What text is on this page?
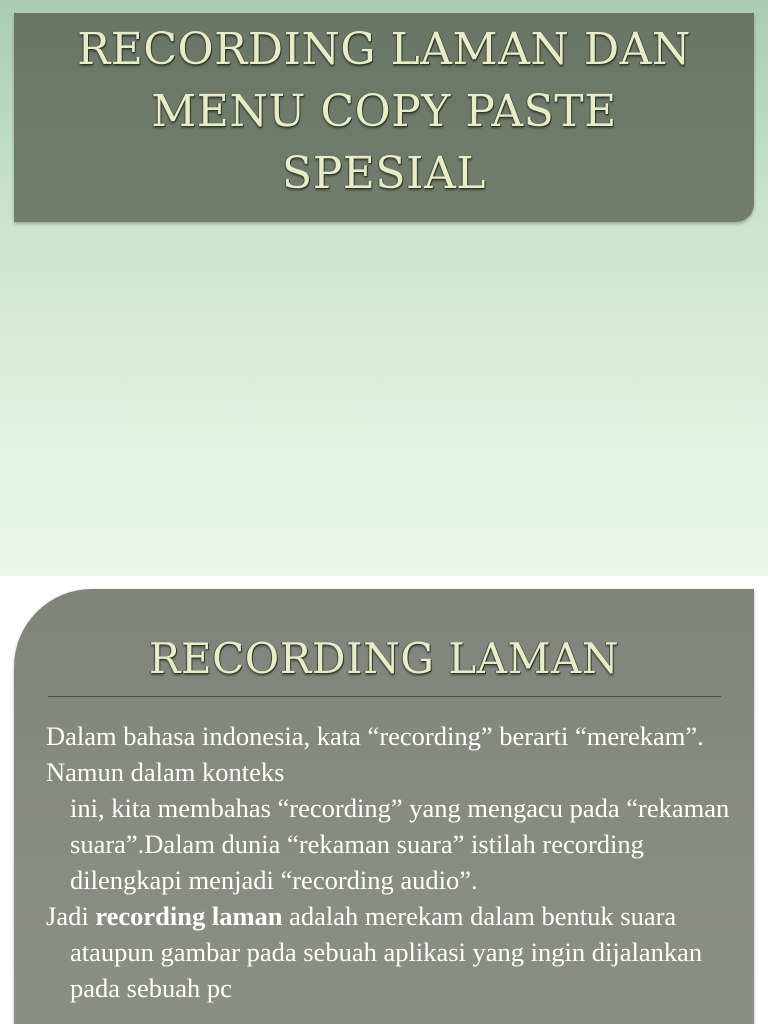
RECORDING LAMAN DAN
MENU COPY PASTE
SPESIAL
RECORDING LAMAN

Dalam bahasa indonesia, kata “recording” berarti “merekam”.

Namun dalam konteks

ini, kita membahas “recording” yang mengacu pada “rekaman suara”.Dalam dunia “rekaman suara” istilah recording dilengkapi menjadi “recording audio”.

Jadi recording laman adalah merekam dalam bentuk suara ataupun gambar pada sebuah aplikasi yang ingin dijalankan pada sebuah pc
